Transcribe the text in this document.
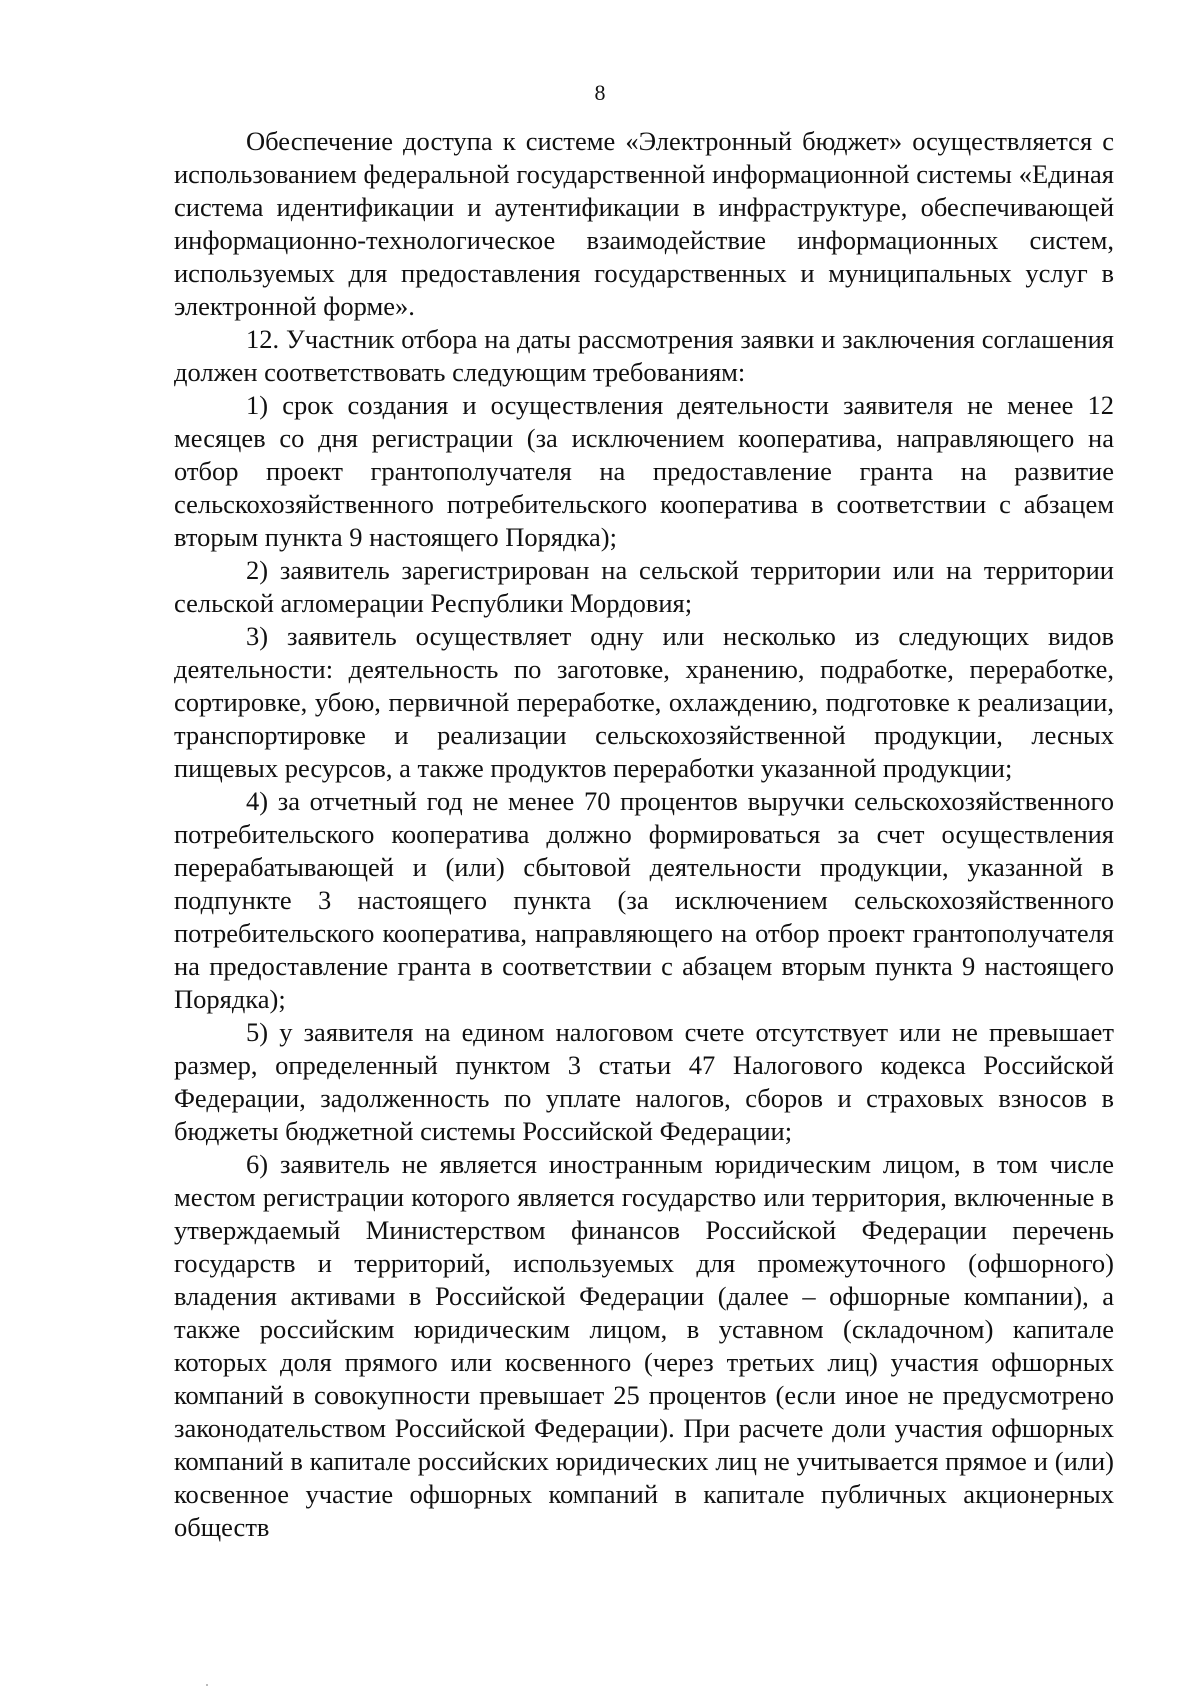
8

Обеспечение доступа к системе «Электронный бюджет» осуществляется с использованием федеральной государственной информационной системы «Единая система идентификации и аутентификации в инфраструктуре, обеспечивающей информационно-технологическое взаимодействие информационных систем, используемых для предоставления государственных и муниципальных услуг в электронной форме».

12. Участник отбора на даты рассмотрения заявки и заключения соглашения должен соответствовать следующим требованиям:

1) срок создания и осуществления деятельности заявителя не менее 12 месяцев со дня регистрации (за исключением кооператива, направляющего на отбор проект грантополучателя на предоставление гранта на развитие сельскохозяйственного потребительского кооператива в соответствии с абзацем вторым пункта 9 настоящего Порядка);

2) заявитель зарегистрирован на сельской территории или на территории сельской агломерации Республики Мордовия;

3) заявитель осуществляет одну или несколько из следующих видов деятельности: деятельность по заготовке, хранению, подработке, переработке, сортировке, убою, первичной переработке, охлаждению, подготовке к реализации, транспортировке и реализации сельскохозяйственной продукции, лесных пищевых ресурсов, а также продуктов переработки указанной продукции;

4) за отчетный год не менее 70 процентов выручки сельскохозяйственного потребительского кооператива должно формироваться за счет осуществления перерабатывающей и (или) сбытовой деятельности продукции, указанной в подпункте 3 настоящего пункта (за исключением сельскохозяйственного потребительского кооператива, направляющего на отбор проект грантополучателя на предоставление гранта в соответствии с абзацем вторым пункта 9 настоящего Порядка);

5) у заявителя на едином налоговом счете отсутствует или не превышает размер, определенный пунктом 3 статьи 47 Налогового кодекса Российской Федерации, задолженность по уплате налогов, сборов и страховых взносов в бюджеты бюджетной системы Российской Федерации;

6) заявитель не является иностранным юридическим лицом, в том числе местом регистрации которого является государство или территория, включенные в утверждаемый Министерством финансов Российской Федерации перечень государств и территорий, используемых для промежуточного (офшорного) владения активами в Российской Федерации (далее – офшорные компании), а также российским юридическим лицом, в уставном (складочном) капитале которых доля прямого или косвенного (через третьих лиц) участия офшорных компаний в совокупности превышает 25 процентов (если иное не предусмотрено законодательством Российской Федерации). При расчете доли участия офшорных компаний в капитале российских юридических лиц не учитывается прямое и (или) косвенное участие офшорных компаний в капитале публичных акционерных обществ
